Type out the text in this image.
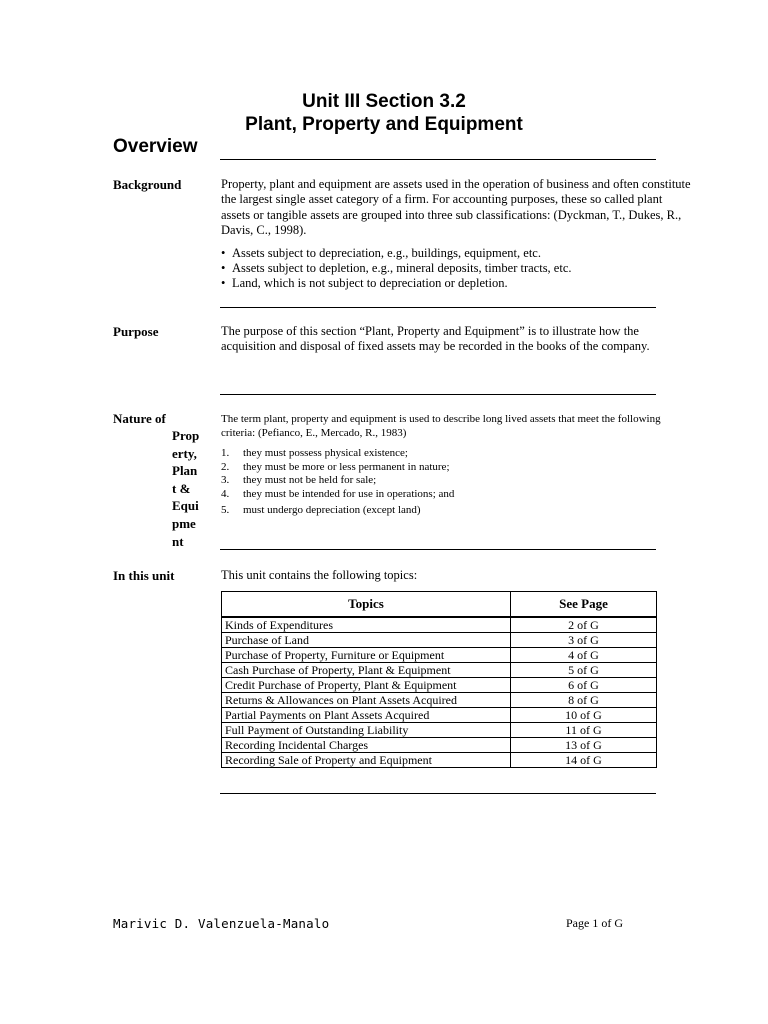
Unit III Section 3.2
Plant, Property and Equipment
Overview
Background	Property, plant and equipment are assets used in the operation of business and often constitute the largest single asset category of a firm. For accounting purposes, these so called plant assets or tangible assets are grouped into three sub classifications: (Dyckman, T., Dukes, R., Davis, C., 1998).
• Assets subject to depreciation, e.g., buildings, equipment, etc.
• Assets subject to depletion, e.g., mineral deposits, timber tracts, etc.
• Land, which is not subject to depreciation or depletion.
Purpose	The purpose of this section “Plant, Property and Equipment” is to illustrate how the acquisition and disposal of fixed assets may be recorded in the books of the company.
Nature of
Prop
erty,
Plan
t &
Equi
pme
nt
The term plant, property and equipment is used to describe long lived assets that meet the following criteria: (Pefianco, E., Mercado, R., 1983)
1. they must possess physical existence;
2. they must be more or less permanent in nature;
3. they must not be held for sale;
4. they must be intended for use in operations; and
5. must undergo depreciation (except land)
In this unit	This unit contains the following topics:
Topics	See Page
Kinds of Expenditures	2 of G
Purchase of Land	3 of G
Purchase of Property, Furniture or Equipment	4 of G
Cash Purchase of Property, Plant & Equipment	5 of G
Credit Purchase of Property, Plant & Equipment	6 of G
Returns & Allowances on Plant Assets Acquired	8 of G
Partial Payments on Plant Assets Acquired	10 of G
Full Payment of Outstanding Liability	11 of G
Recording Incidental Charges	13 of G
Recording Sale of Property and Equipment	14 of G
Marivic D. Valenzuela-Manalo	Page 1 of G
